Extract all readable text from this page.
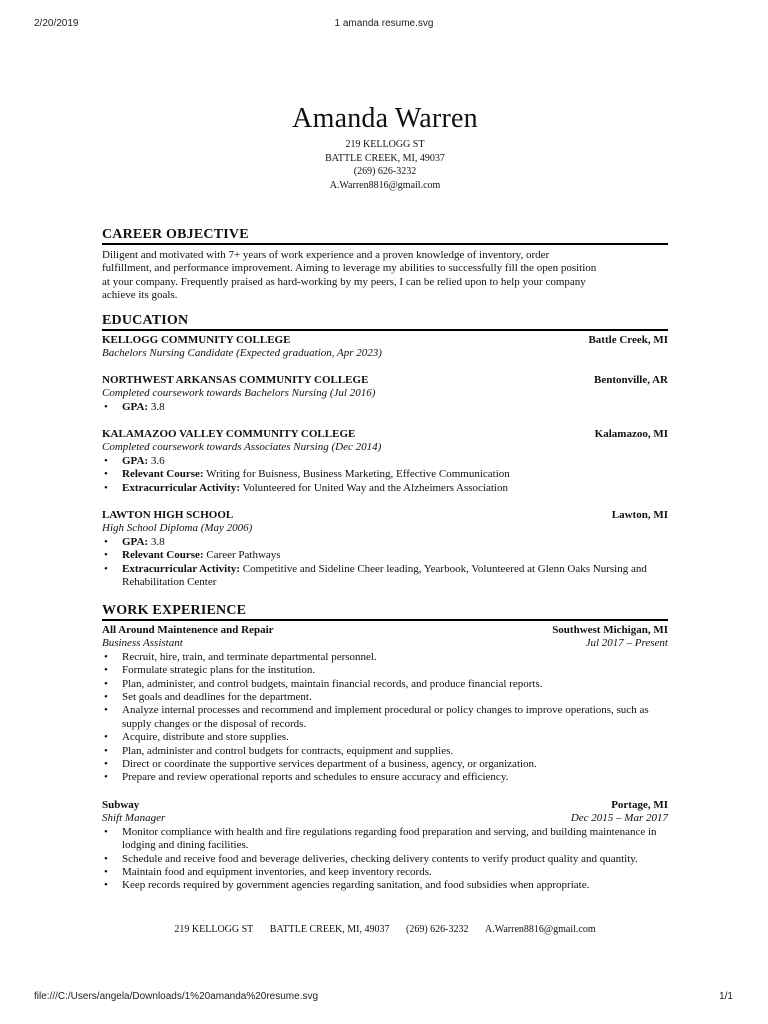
2/20/2019	1 amanda resume.svg
Amanda Warren
219 KELLOGG ST
BATTLE CREEK, MI, 49037
(269) 626-3232
A.Warren8816@gmail.com
CAREER OBJECTIVE
Diligent and motivated with 7+ years of work experience and a proven knowledge of inventory, order
fulfillment, and performance improvement. Aiming to leverage my abilities to successfully fill the open position
at your company. Frequently praised as hard-working by my peers, I can be relied upon to help your company
achieve its goals.
EDUCATION
KELLOGG COMMUNITY COLLEGE	Battle Creek, MI
Bachelors Nursing Candidate (Expected graduation, Apr 2023)
NORTHWEST ARKANSAS COMMUNITY COLLEGE	Bentonville, AR
Completed coursework towards Bachelors Nursing (Jul 2016)
• GPA: 3.8
KALAMAZOO VALLEY COMMUNITY COLLEGE	Kalamazoo, MI
Completed coursework towards Associates Nursing (Dec 2014)
• GPA: 3.6
• Relevant Course: Writing for Buisness, Business Marketing, Effective Communication
• Extracurricular Activity: Volunteered for United Way and the Alzheimers Association
LAWTON HIGH SCHOOL	Lawton, MI
High School Diploma (May 2006)
• GPA: 3.8
• Relevant Course: Career Pathways
• Extracurricular Activity: Competitive and Sideline Cheer leading, Yearbook, Volunteered at Glenn Oaks Nursing and Rehabilitation Center
WORK EXPERIENCE
All Around Maintenence and Repair	Southwest Michigan, MI
Business Assistant	Jul 2017 – Present
• Recruit, hire, train, and terminate departmental personnel.
• Formulate strategic plans for the institution.
• Plan, administer, and control budgets, maintain financial records, and produce financial reports.
• Set goals and deadlines for the department.
• Analyze internal processes and recommend and implement procedural or policy changes to improve operations, such as supply changes or the disposal of records.
• Acquire, distribute and store supplies.
• Plan, administer and control budgets for contracts, equipment and supplies.
• Direct or coordinate the supportive services department of a business, agency, or organization.
• Prepare and review operational reports and schedules to ensure accuracy and efficiency.
Subway	Portage, MI
Shift Manager	Dec 2015 – Mar 2017
• Monitor compliance with health and fire regulations regarding food preparation and serving, and building maintenance in lodging and dining facilities.
• Schedule and receive food and beverage deliveries, checking delivery contents to verify product quality and quantity.
• Maintain food and equipment inventories, and keep inventory records.
• Keep records required by government agencies regarding sanitation, and food subsidies when appropriate.
219 KELLOGG ST BATTLE CREEK, MI, 49037 (269) 626-3232 A.Warren8816@gmail.com
file:///C:/Users/angela/Downloads/1%20amanda%20resume.svg	1/1
